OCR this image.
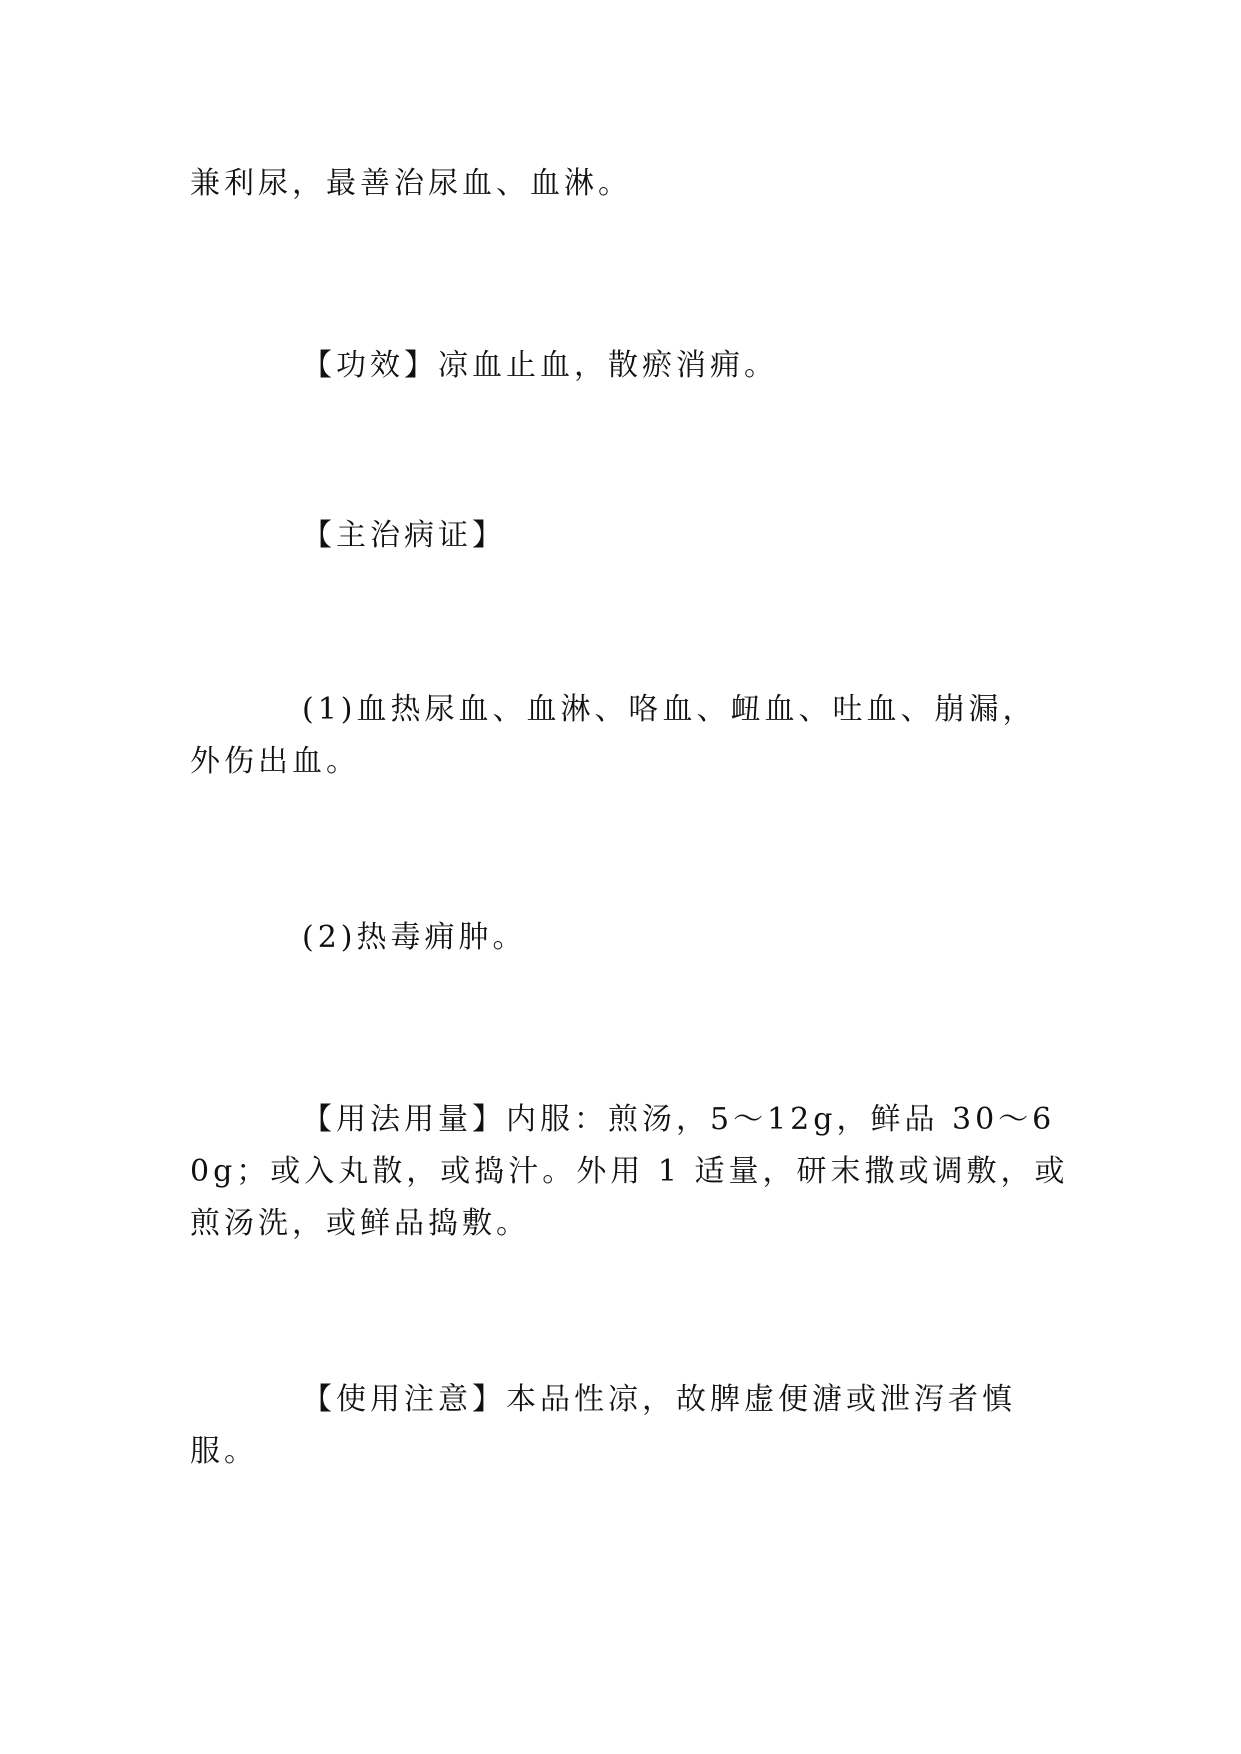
兼利尿，最善治尿血、血淋。

【功效】凉血止血，散瘀消痈。

【主治病证】

(1)血热尿血、血淋、咯血、衄血、吐血、崩漏，外伤出血。

(2)热毒痈肿。

【用法用量】内服：煎汤，5～12g，鲜品 30～60g；或入丸散，或捣汁。外用 1 适量，研末撒或调敷，或煎汤洗，或鲜品捣敷。

【使用注意】本品性凉，故脾虚便溏或泄泻者慎服。
